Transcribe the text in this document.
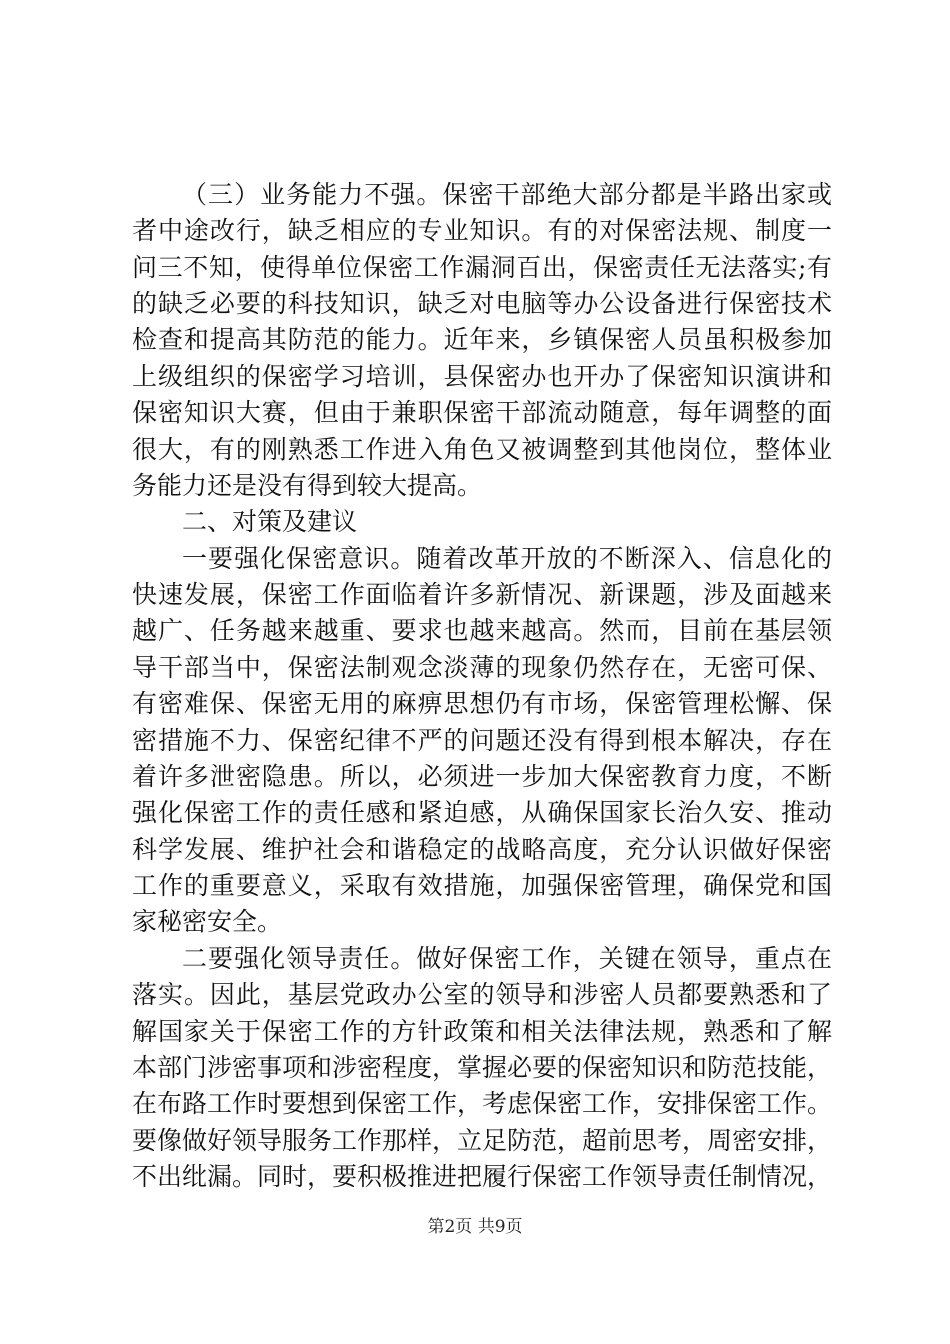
（三）业务能力不强。保密干部绝大部分都是半路出家或
者中途改行，缺乏相应的专业知识。有的对保密法规、制度一
问三不知，使得单位保密工作漏洞百出，保密责任无法落实;有
的缺乏必要的科技知识，缺乏对电脑等办公设备进行保密技术
检查和提高其防范的能力。近年来，乡镇保密人员虽积极参加
上级组织的保密学习培训，县保密办也开办了保密知识演讲和
保密知识大赛，但由于兼职保密干部流动随意，每年调整的面
很大，有的刚熟悉工作进入角色又被调整到其他岗位，整体业
务能力还是没有得到较大提高。
二、对策及建议
一要强化保密意识。随着改革开放的不断深入、信息化的
快速发展，保密工作面临着许多新情况、新课题，涉及面越来
越广、任务越来越重、要求也越来越高。然而，目前在基层领
导干部当中，保密法制观念淡薄的现象仍然存在，无密可保、
有密难保、保密无用的麻痹思想仍有市场，保密管理松懈、保
密措施不力、保密纪律不严的问题还没有得到根本解决，存在
着许多泄密隐患。所以，必须进一步加大保密教育力度，不断
强化保密工作的责任感和紧迫感，从确保国家长治久安、推动
科学发展、维护社会和谐稳定的战略高度，充分认识做好保密
工作的重要意义，采取有效措施，加强保密管理，确保党和国
家秘密安全。
二要强化领导责任。做好保密工作，关键在领导，重点在
落实。因此，基层党政办公室的领导和涉密人员都要熟悉和了
解国家关于保密工作的方针政策和相关法律法规，熟悉和了解
本部门涉密事项和涉密程度，掌握必要的保密知识和防范技能，
在布路工作时要想到保密工作，考虑保密工作，安排保密工作。
要像做好领导服务工作那样，立足防范，超前思考，周密安排，
不出纰漏。同时，要积极推进把履行保密工作领导责任制情况，
第2页 共9页
